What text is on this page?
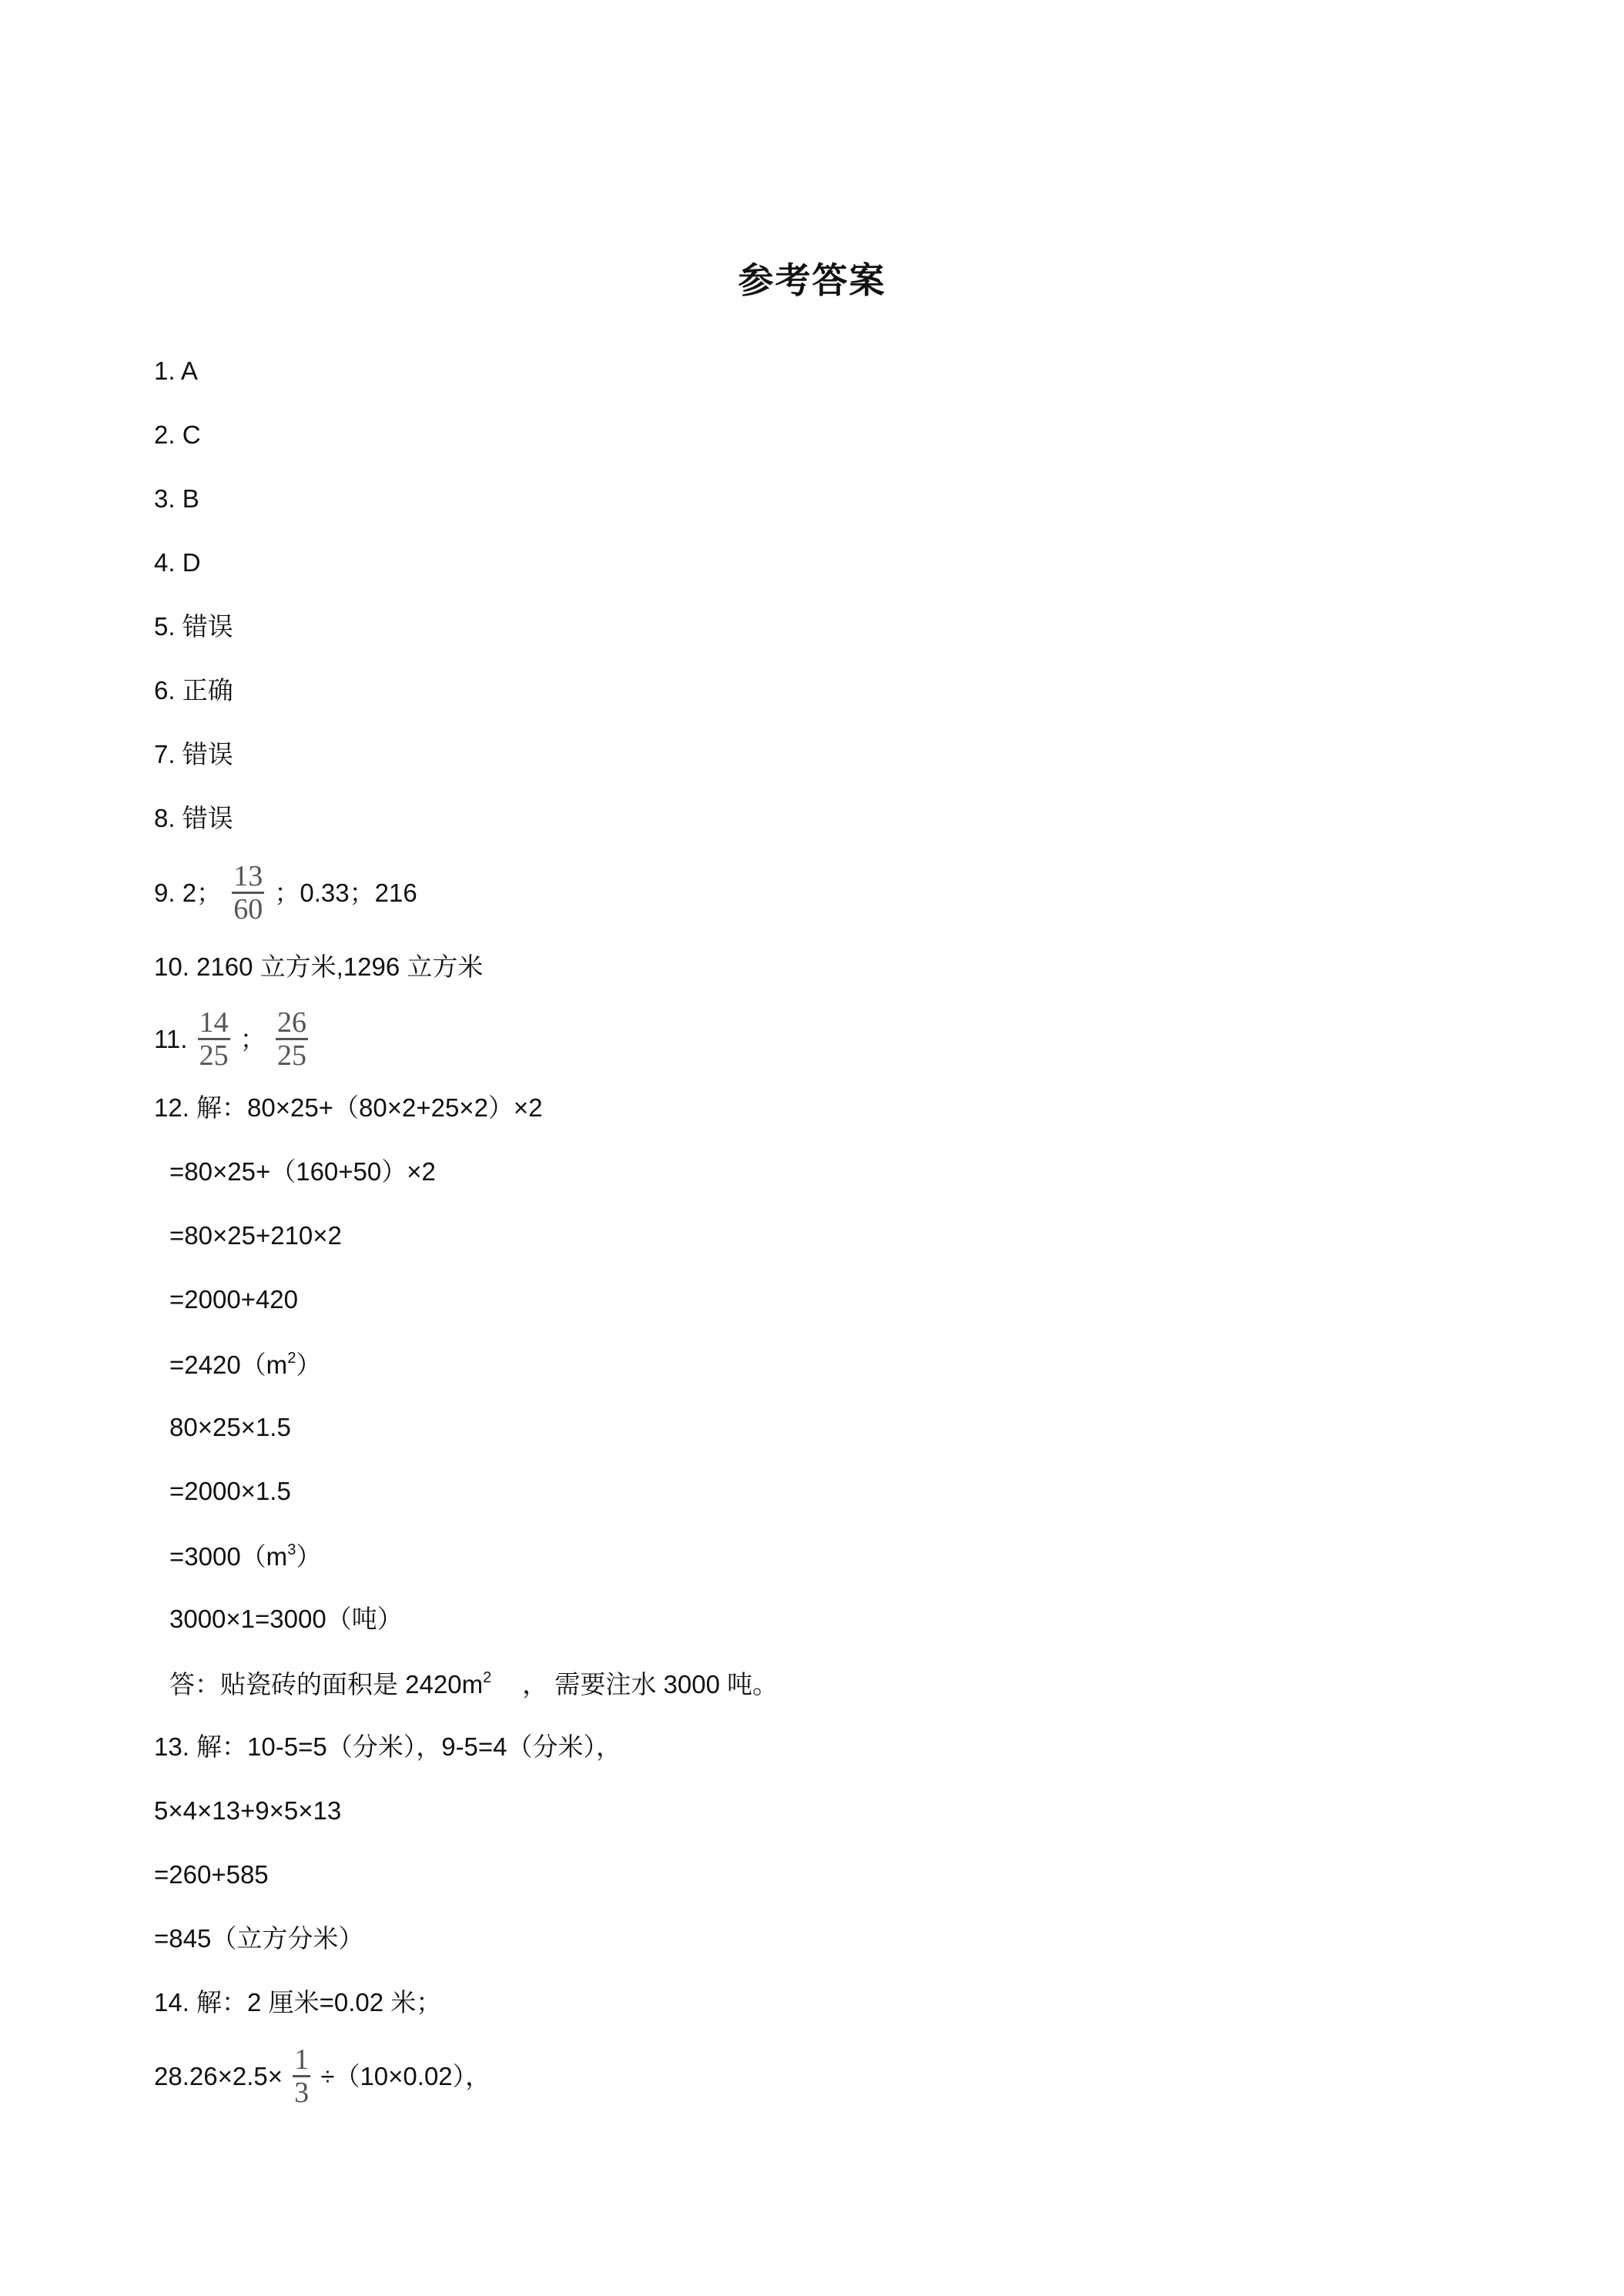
参考答案
1. A
2. C
3. B
4. D
5. 错误
6. 正确
7. 错误
8. 错误
9. 2； $\frac{13}{60}$ ；0.33；216
10. 2160 立方米,1296 立方米
11. $\frac{14}{25}$ ； $\frac{26}{25}$
12. 解：80×25+（80×2+25×2）×2
=80×25+（160+50）×2
=80×25+210×2
=2000+420
$=2420(m^2)$
80×25×1.5
=2000×1.5
$=3000(m^3)$
3000×1=3000（吨）
答：贴瓷砖的面积是 $2420m^2$ ， 需要注水 3000 吨。
13. 解：10-5=5（分米），9-5=4（分米），
5×4×13+9×5×13
=260+585
=845（立方分米）
14. 解：2 厘米=0.02 米；
$28.26\times 2.5\times \frac{1}{3} \div(10\times 0.02)$，
